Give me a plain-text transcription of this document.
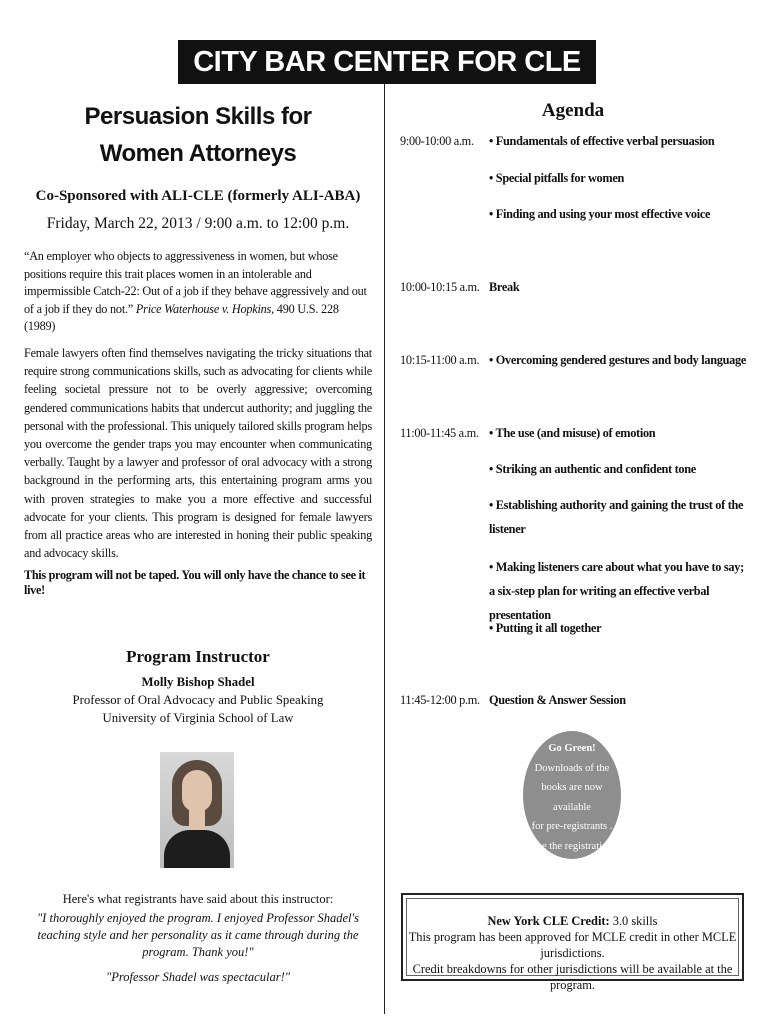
CITY BAR CENTER FOR CLE
Persuasion Skills for
Women Attorneys
Co-Sponsored with ALI-CLE (formerly ALI-ABA)
Friday, March 22, 2013 / 9:00 a.m. to 12:00 p.m.
“An employer who objects to aggressiveness in women, but whose positions require this trait places women in an intolerable and impermissible Catch-22: Out of a job if they behave aggressively and out of a job if they do not.” Price Waterhouse v. Hopkins, 490 U.S. 228 (1989)
Female lawyers often find themselves navigating the tricky situations that require strong communications skills, such as advocating for clients while feeling societal pressure not to be overly aggressive; overcoming gendered communications habits that undercut authority; and juggling the personal with the professional. This uniquely tailored skills program helps you overcome the gender traps you may encounter when communicating verbally. Taught by a lawyer and professor of oral advocacy with a strong background in the performing arts, this entertaining program arms you with proven strategies to make you a more effective and successful advocate for your clients. This program is designed for female lawyers from all practice areas who are interested in honing their public speaking and advocacy skills.
This program will not be taped. You will only have the chance to see it live!
Program Instructor
Molly Bishop Shadel
Professor of Oral Advocacy and Public Speaking
University of Virginia School of Law
Here's what registrants have said about this instructor:
"I thoroughly enjoyed the program. I enjoyed Professor Shadel's teaching style and her personality as it came through during the program. Thank you!"
"Professor Shadel was spectacular!"
Agenda
9:00-10:00 a.m. • Fundamentals of effective verbal persuasion
• Special pitfalls for women
• Finding and using your most effective voice
10:00-10:15 a.m. Break
10:15-11:00 a.m. • Overcoming gendered gestures and body language
11:00-11:45 a.m. • The use (and misuse) of emotion
• Striking an authentic and confident tone
• Establishing authority and gaining the trust of the listener
• Making listeners care about what you have to say; a six-step plan for writing an effective verbal presentation
• Putting it all together
11:45-12:00 p.m. Question & Answer Session
Go Green!
Downloads of the
books are now available
for pre-registrants .
See the registration
page for details.
New York CLE Credit: 3.0 skills
This program has been approved for MCLE credit in other MCLE jurisdictions.
Credit breakdowns for other jurisdictions will be available at the program.
